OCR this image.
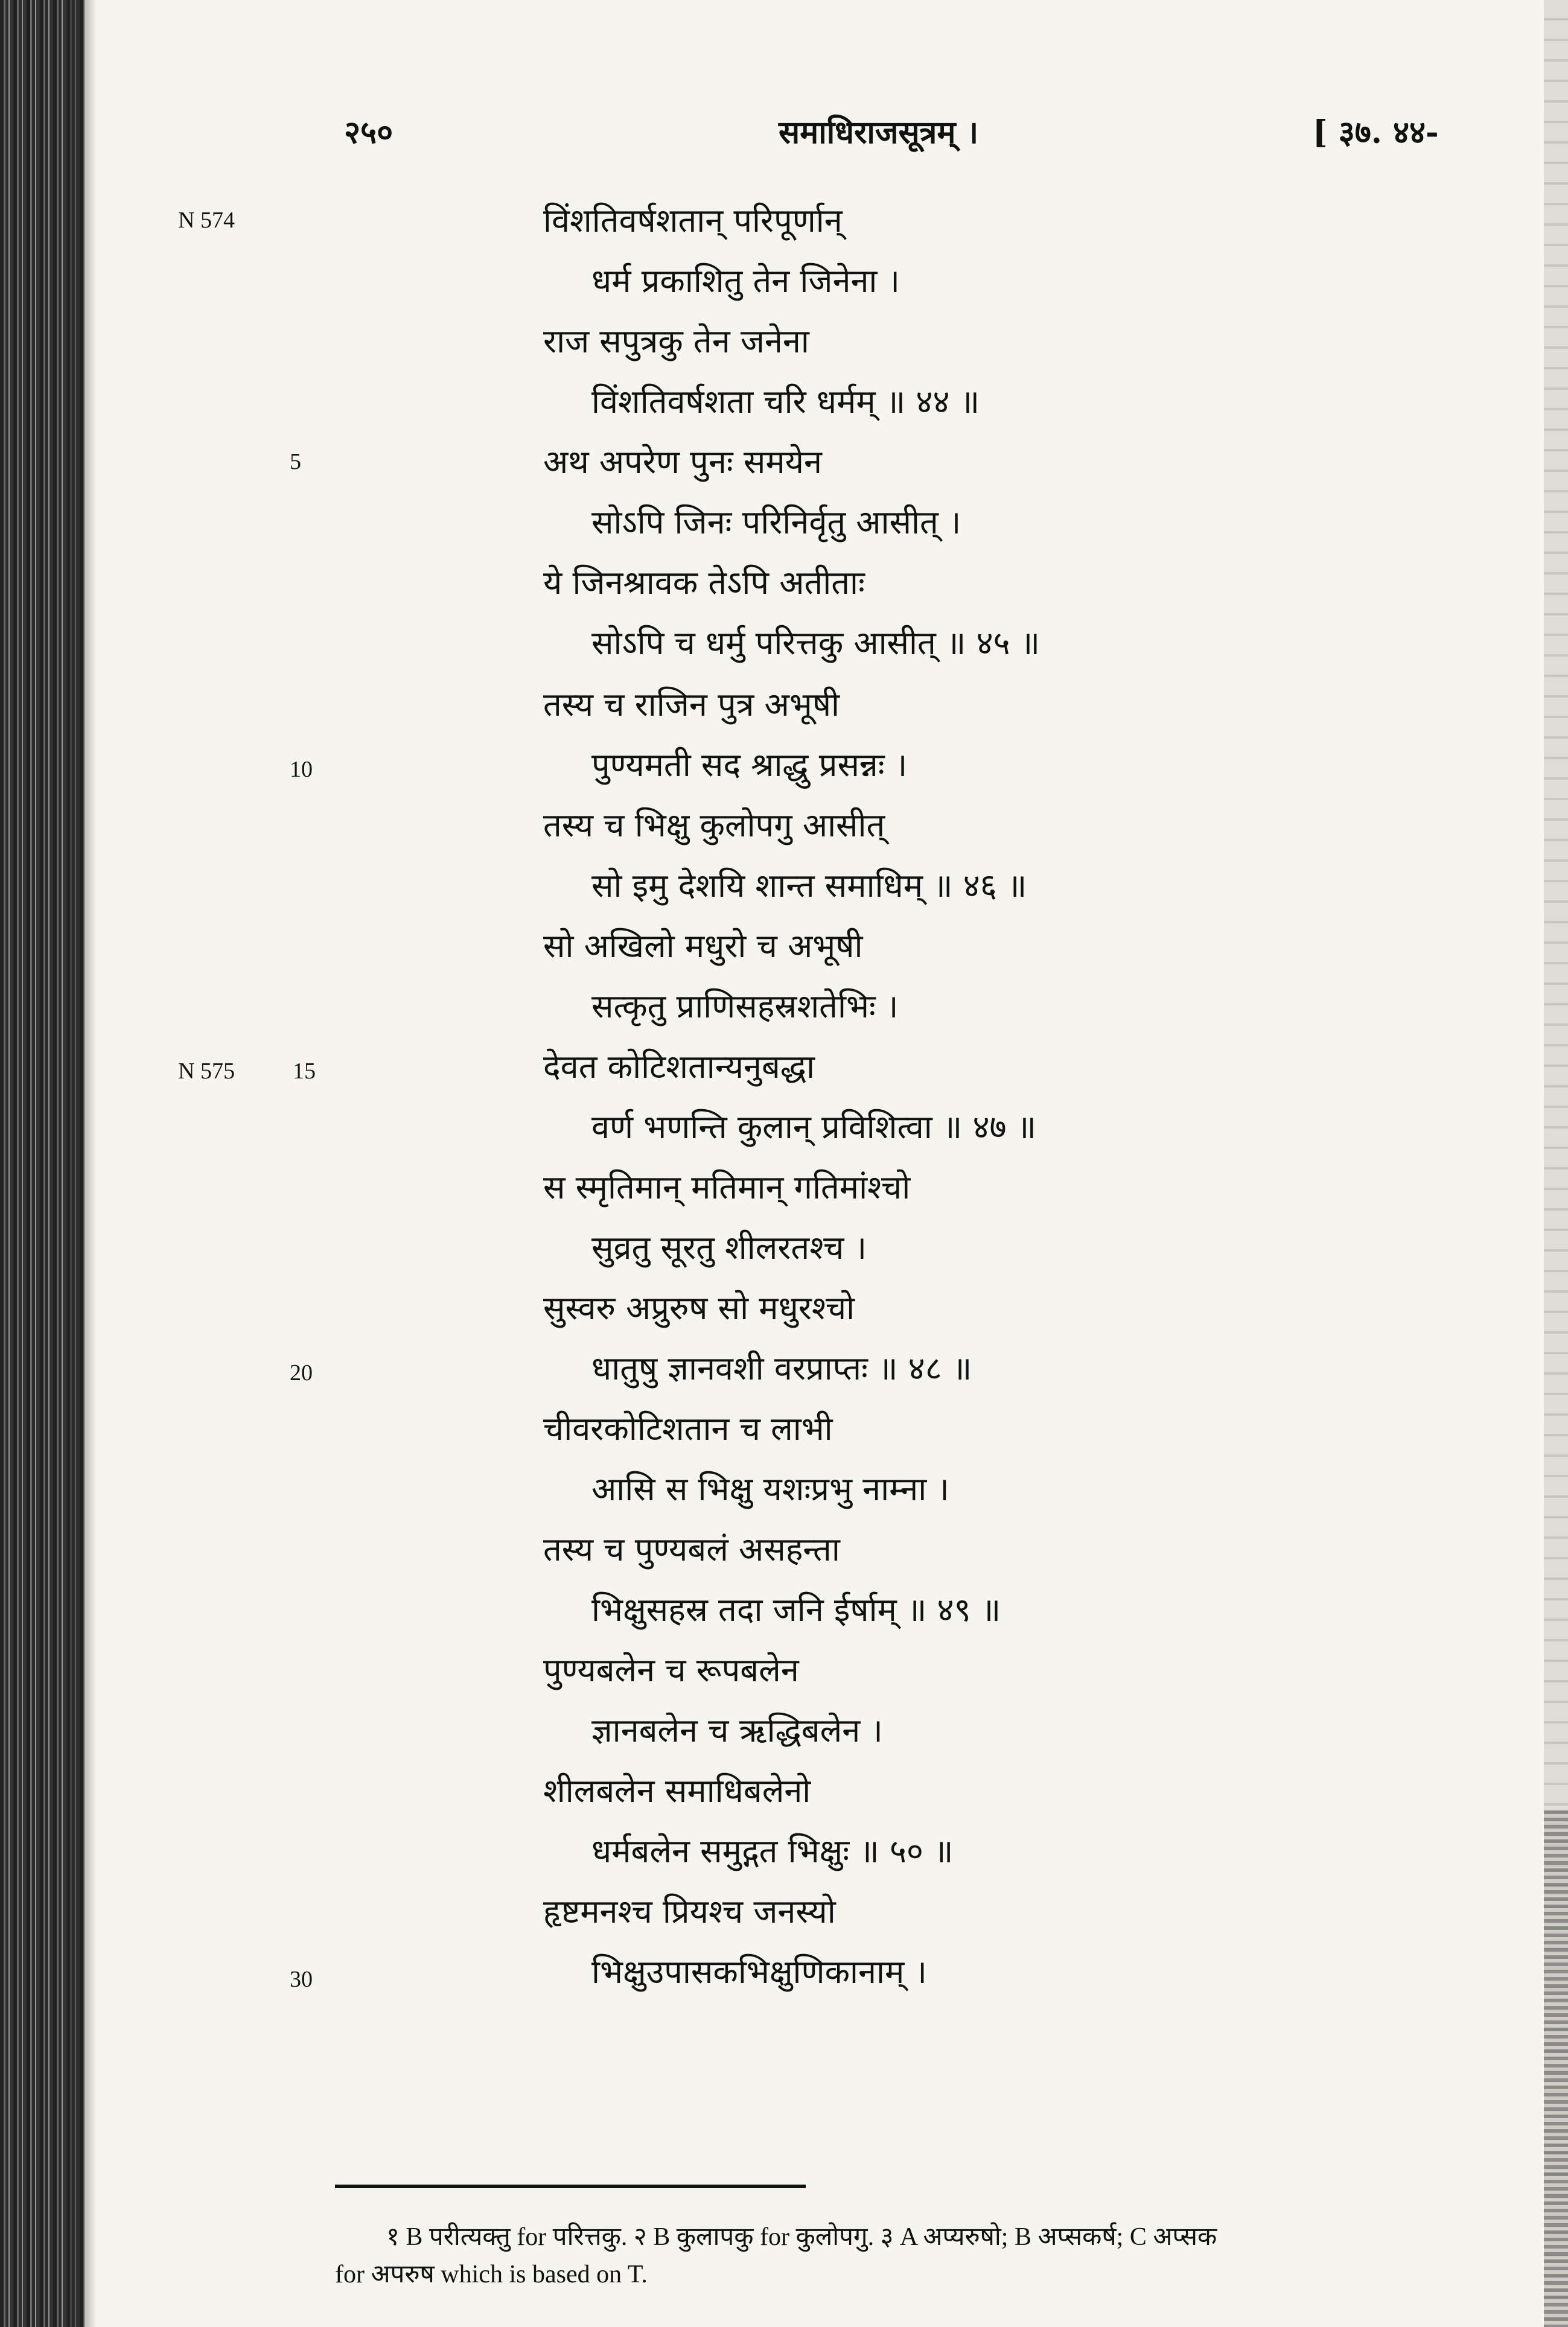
२५०	समाधिराजसूत्रम् ।	[ ३७. ४४-
N 574
N 575
5
10
15
20
30
विंशतिवर्षशतान् परिपूर्णान्
धर्म प्रकाशितु तेन जिनेना ।
राज सपुत्रकु तेन जनेना
विंशतिवर्षशता चरि धर्मम् ॥ ४४ ॥
अथ अपरेण पुनः समयेन
सोऽपि जिनः परिनिर्वृतु आसीत् ।
ये जिनश्रावक तेऽपि अतीताः
सोऽपि च धर्मु परित्तकु आसीत् ॥ ४५ ॥
तस्य च राजिन पुत्र अभूषी
पुण्यमती सद श्राद्धु प्रसन्नः ।
तस्य च भिक्षु कुलोपगु आसीत्
सो इमु देशयि शान्त समाधिम् ॥ ४६ ॥
सो अखिलो मधुरो च अभूषी
सत्कृतु प्राणिसहस्रशतेभिः ।
देवत कोटिशतान्यनुबद्धा
वर्ण भणन्ति कुलान् प्रविशित्वा ॥ ४७ ॥
स स्मृतिमान् मतिमान् गतिमांश्चो
सुव्रतु सूरतु शीलरतश्च ।
सुस्वरु अप्रुरुष सो मधुरश्चो
धातुषु ज्ञानवशी वरप्राप्तः ॥ ४८ ॥
चीवरकोटिशतान च लाभी
आसि स भिक्षु यशःप्रभु नाम्ना ।
तस्य च पुण्यबलं असहन्ता
भिक्षुसहस्र तदा जनि ईर्षाम् ॥ ४९ ॥
पुण्यबलेन च रूपबलेन
ज्ञानबलेन च ऋद्धिबलेन ।
शीलबलेन समाधिबलेनो
धर्मबलेन समुद्गत भिक्षुः ॥ ५० ॥
हृष्टमनश्च प्रियश्च जनस्यो
भिक्षुउपासकभिक्षुणिकानाम् ।
१ B परीत्यक्तु for परित्तकु. २ B कुलापकु for कुलोपगु. ३ A अप्यरुषो; B अप्सकर्ष; C अप्सक
for अपरुष which is based on T.
